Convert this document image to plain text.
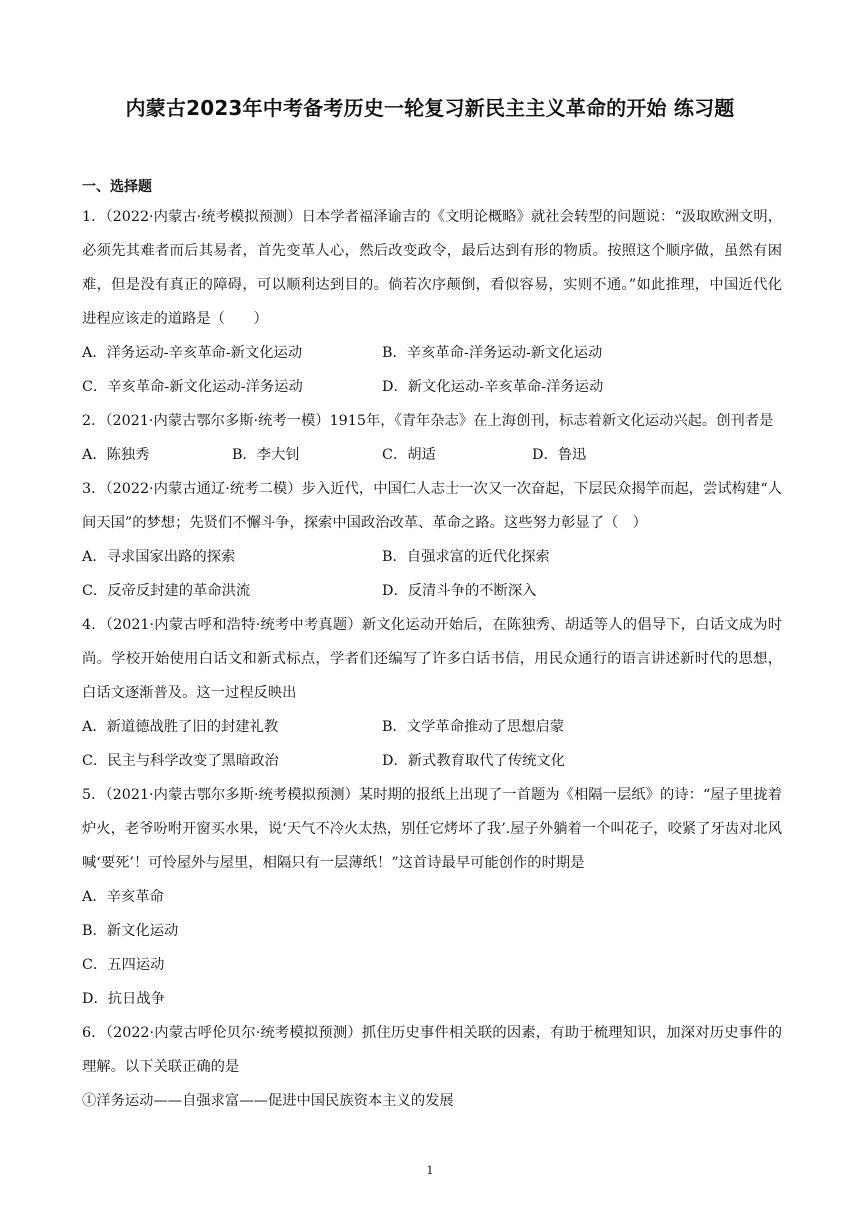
内蒙古2023年中考备考历史一轮复习新民主主义革命的开始 练习题
一、选择题

1．（2022·内蒙古·统考模拟预测）日本学者福泽谕吉的《文明论概略》就社会转型的问题说：“汲取欧洲文明，必须先其难者而后其易者，首先变革人心，然后改变政令，最后达到有形的物质。按照这个顺序做，虽然有困难，但是没有真正的障碍，可以顺利达到目的。倘若次序颠倒，看似容易，实则不通。”如此推理，中国近代化进程应该走的道路是（　　）

A．洋务运动-辛亥革命-新文化运动	B．辛亥革命-洋务运动-新文化运动
C．辛亥革命-新文化运动-洋务运动	D．新文化运动-辛亥革命-洋务运动

2．（2021·内蒙古鄂尔多斯·统考一模）1915年，《青年杂志》在上海创刊，标志着新文化运动兴起。创刊者是

A．陈独秀	B．李大钊	C．胡适	D．鲁迅

3．（2022·内蒙古通辽·统考二模）步入近代，中国仁人志士一次又一次奋起，下层民众揭竿而起，尝试构建“人间天国”的梦想；先贤们不懈斗争，探索中国政治改革、革命之路。这些努力彰显了（　）

A．寻求国家出路的探索	B．自强求富的近代化探索
C．反帝反封建的革命洪流	D．反清斗争的不断深入

4．（2021·内蒙古呼和浩特·统考中考真题）新文化运动开始后，在陈独秀、胡适等人的倡导下，白话文成为时尚。学校开始使用白话文和新式标点，学者们还编写了许多白话书信，用民众通行的语言讲述新时代的思想，白话文逐渐普及。这一过程反映出

A．新道德战胜了旧的封建礼教	B．文学革命推动了思想启蒙
C．民主与科学改变了黑暗政治	D．新式教育取代了传统文化

5．（2021·内蒙古鄂尔多斯·统考模拟预测）某时期的报纸上出现了一首题为《相隔一层纸》的诗：“屋子里拢着炉火，老爷吩咐开窗买水果，说‘天气不冷火太热，别任它烤坏了我’.屋子外躺着一个叫花子，咬紧了牙齿对北风喊‘要死’！可怜屋外与屋里，相隔只有一层薄纸！”这首诗最早可能创作的时期是

A．辛亥革命
B．新文化运动
C．五四运动
D．抗日战争

6．（2022·内蒙古呼伦贝尔·统考模拟预测）抓住历史事件相关联的因素，有助于梳理知识，加深对历史事件的理解。以下关联正确的是

①洋务运动——自强求富——促进中国民族资本主义的发展

1
